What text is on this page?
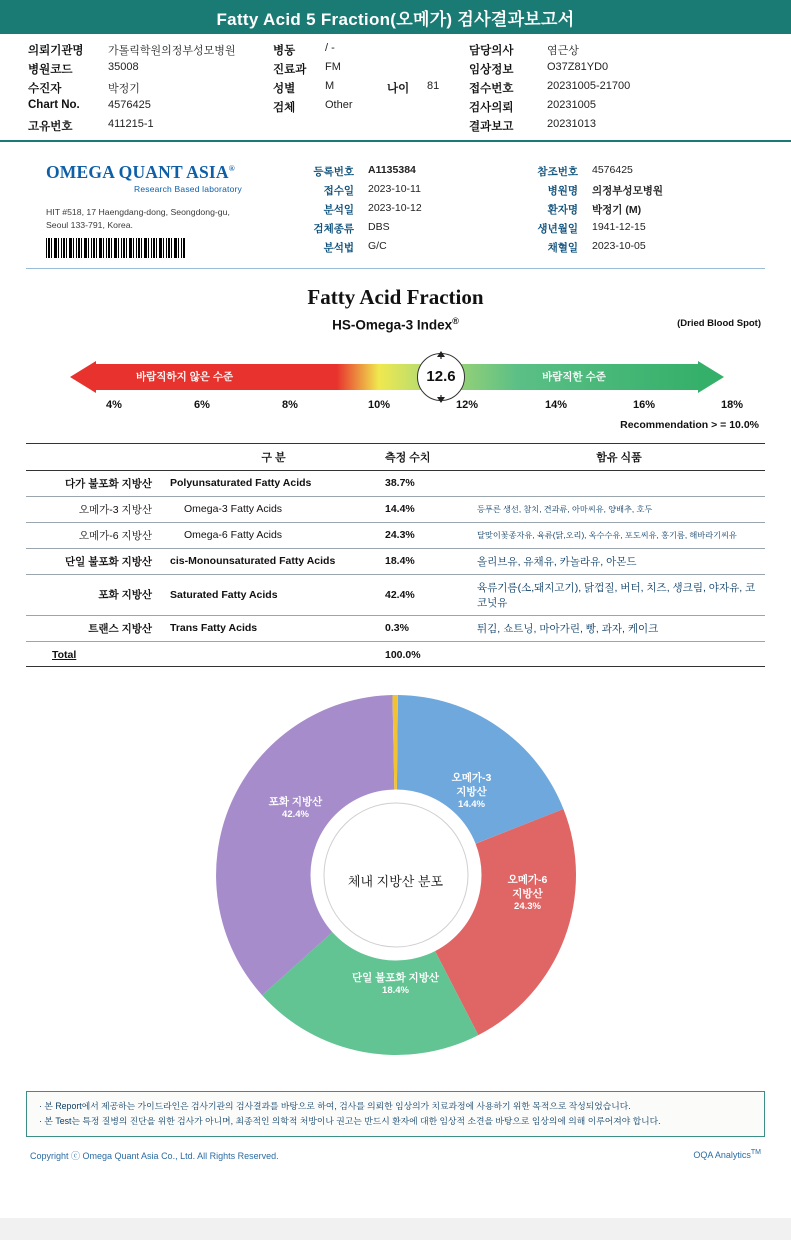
Fatty Acid 5 Fraction(오메가) 검사결과보고서
의뢰기관명	가톨릭학원의정부성모병원	병동	/ -	담당의사	염근상
병원코드	35008	진료과	FM	임상정보	O37Z81YD0
수진자	박정기	성별	M	나이	81	접수번호	20231005-21700
Chart No.	4576425	검체	Other	검사의뢰	20231005
고유번호	411215-1	결과보고	20231013
OMEGA QUANT ASIA®
Research Based laboratory
HIT #518, 17 Haengdang-dong, Seongdong-gu,
Seoul 133-791, Korea.
등록번호 A1135384
접수일 2023-10-11
분석일 2023-10-12
검체종류 DBS
분석법 G/C
참조번호 4576425
병원명 의정부성모병원
환자명 박정기 (M)
생년월일 1941-12-15
채혈일 2023-10-05
Fatty Acid Fraction
HS-Omega-3 Index®	(Dried Blood Spot)
바람직하지 않은 수준	바람직한 수준
12.6
4%	6%	8%	10%	12%	14%	16%	18%
Recommendation > = 10.0%
	구 분	측정 수치	함유 식품
다가 불포화 지방산	Polyunsaturated Fatty Acids	38.7%	
오메가-3 지방산	Omega-3 Fatty Acids	14.4%	등푸른 생선, 참치, 견과류, 아마씨유, 양배추, 호두
오메가-6 지방산	Omega-6 Fatty Acids	24.3%	달맞이꽃종자유, 육류(닭,오리), 옥수수유, 포도씨유, 홍기름, 해바라기씨유
단일 불포화 지방산	cis-Monounsaturated Fatty Acids	18.4%	올리브유, 유채유, 카놀라유, 아몬드
포화 지방산	Saturated Fatty Acids	42.4%	육류기름(소,돼지고기), 닭껍질, 버터, 치즈, 생크림, 야자유, 코코넛유
트랜스 지방산	Trans Fatty Acids	0.3%	튀김, 쇼트닝, 마아가린, 빵, 과자, 케이크
Total		100.0%	
체내 지방산 분포
오메가-3 지방산
14.4%
오메가-6 지방산
24.3%
단일 불포화 지방산
18.4%
포화 지방산
42.4%
트랜스 지방산
0.3%
· 본 Report에서 제공하는 가이드라인은 검사기관의 검사결과를 바탕으로 하여, 검사를 의뢰한 임상의가 치료과정에 사용하기 위한 목적으로 작성되었습니다.
· 본 Test는 특정 질병의 진단을 위한 검사가 아니며, 최종적인 의학적 처방이나 권고는 반드시 환자에 대한 임상적 소견을 바탕으로 임상의에 의해 이루어져야 합니다.
Copyright ⓒ Omega Quant Asia Co., Ltd. All Rights Reserved.	OQA Analytics™
